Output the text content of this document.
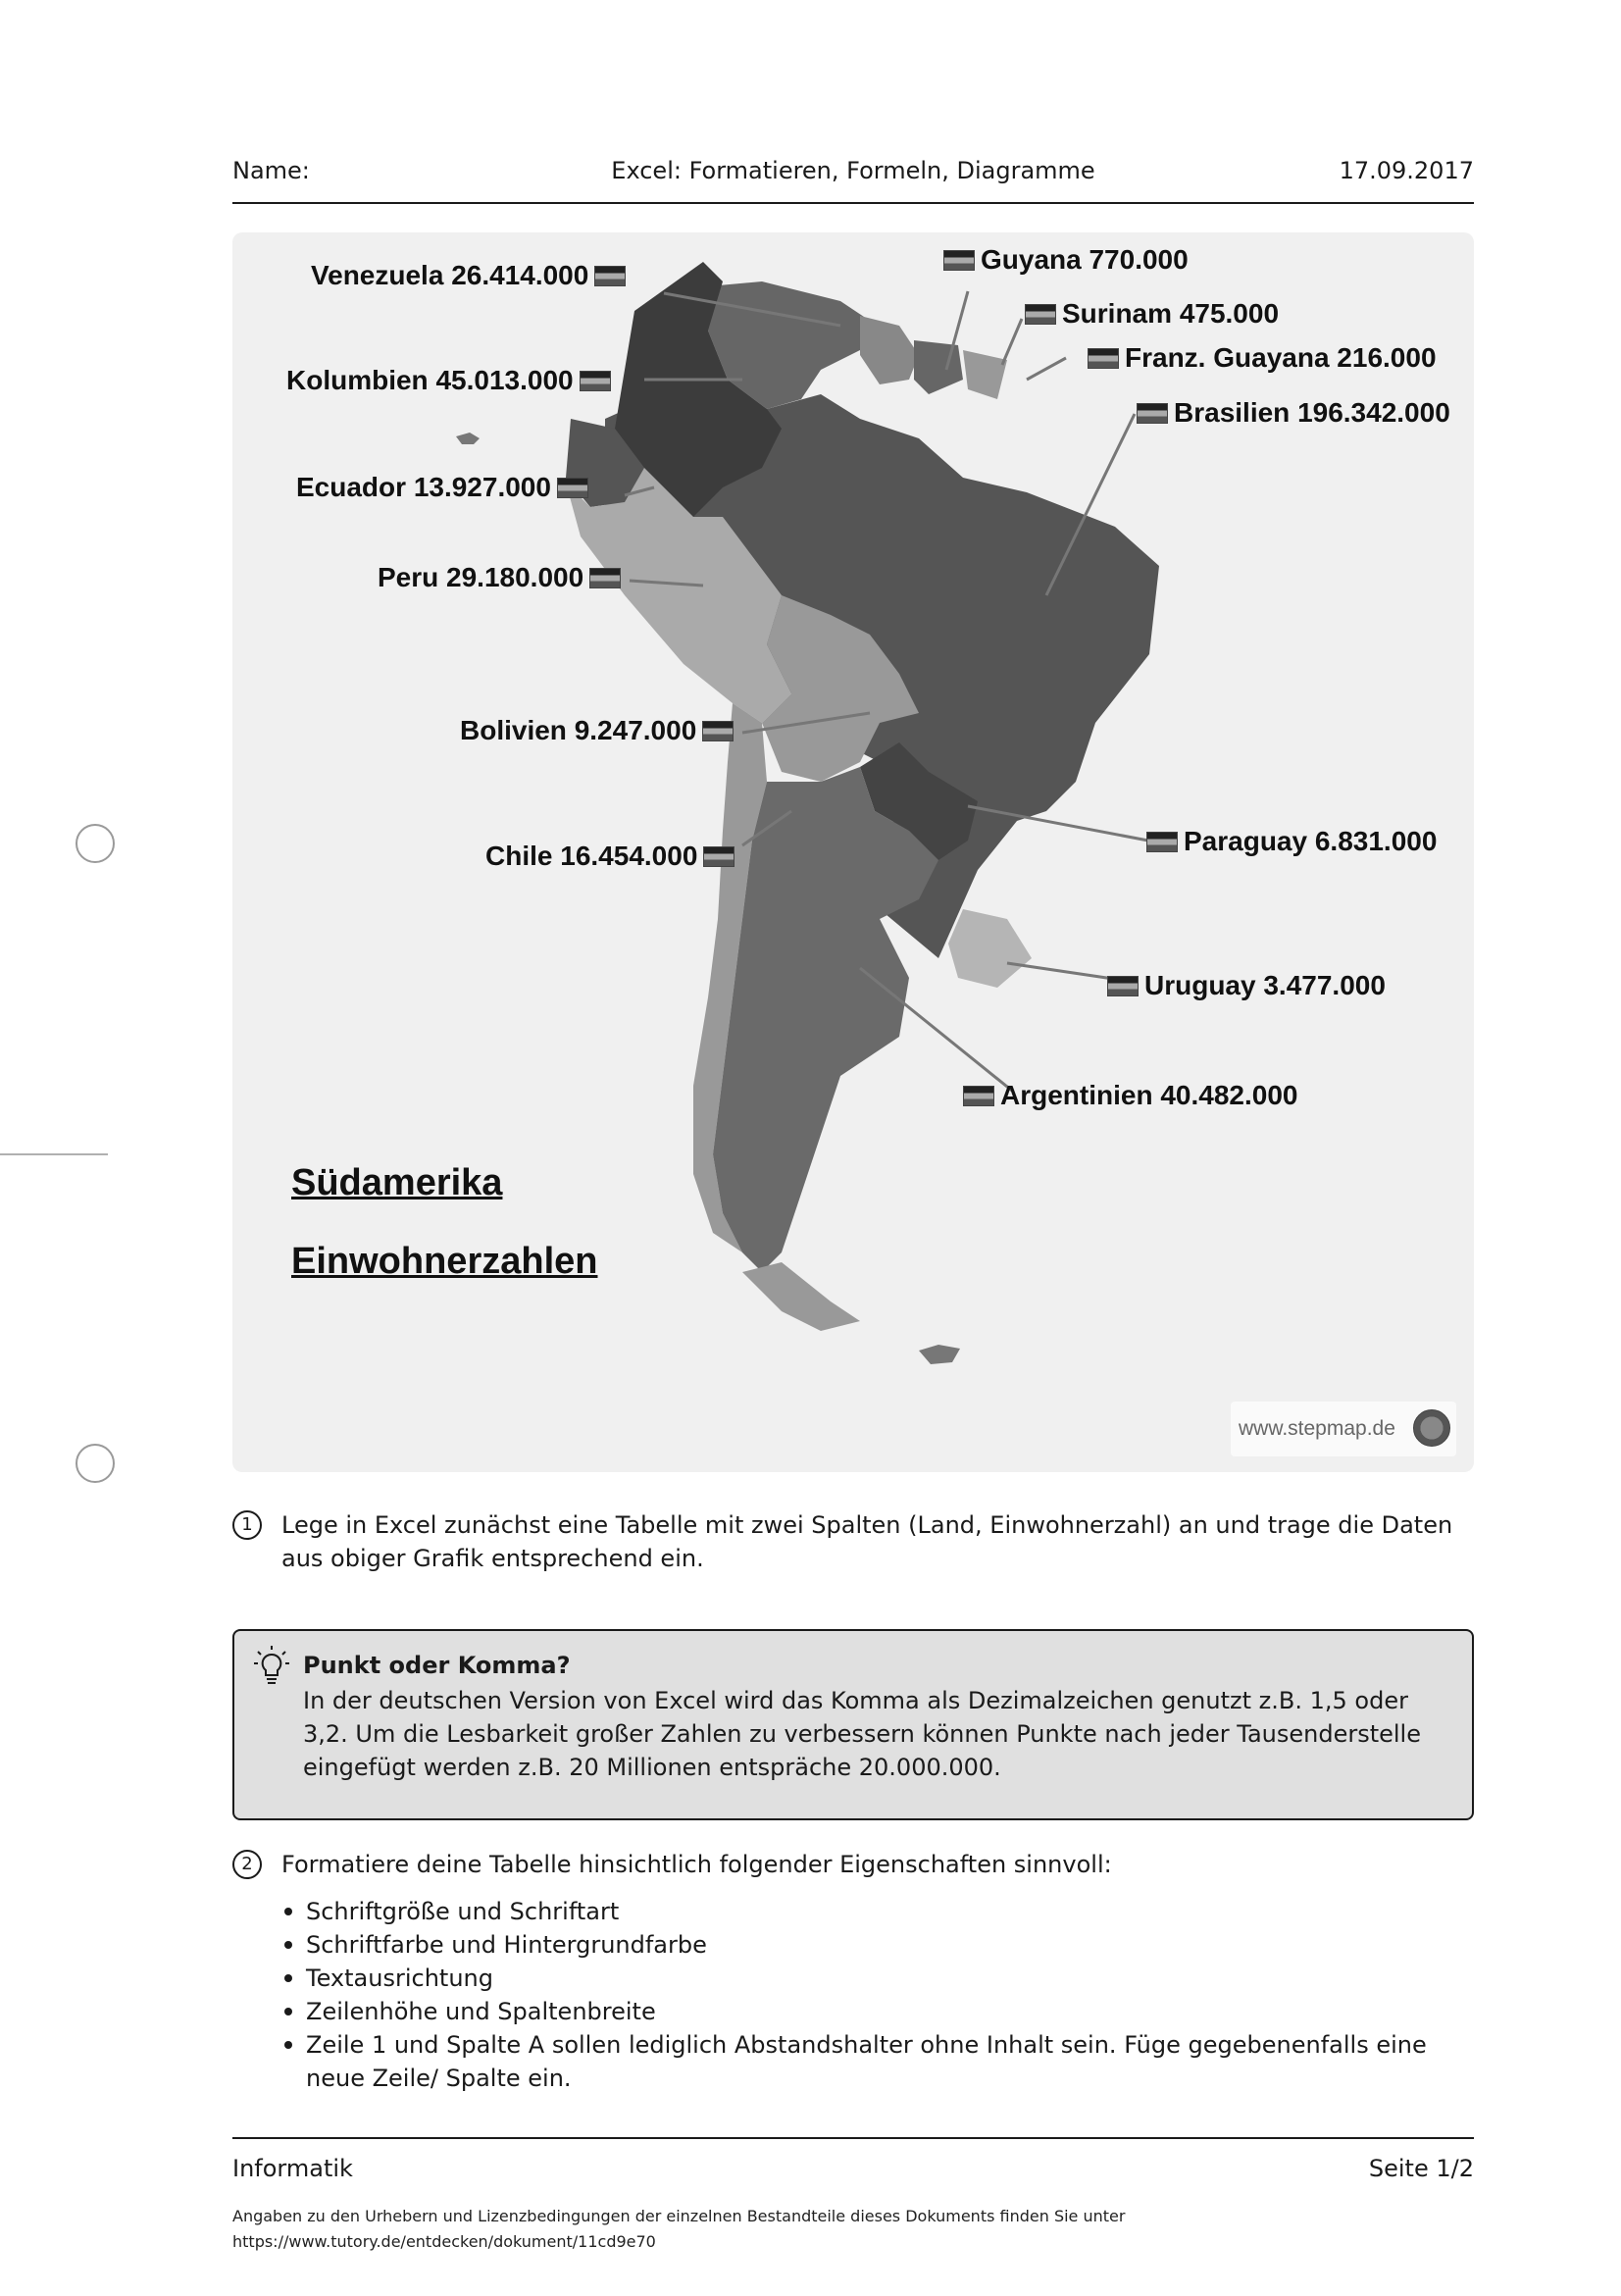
Name:	Excel: Formatieren, Formeln, Diagramme	17.09.2017
Venezuela 26.414.000
Guyana 770.000
Surinam 475.000
Franz. Guayana 216.000
Kolumbien 45.013.000
Brasilien 196.342.000
Ecuador 13.927.000
Peru 29.180.000
Bolivien 9.247.000
Paraguay 6.831.000
Chile 16.454.000
Uruguay 3.477.000
Argentinien 40.482.000
Südamerika
Einwohnerzahlen
www.stepmap.de
1	Lege in Excel zunächst eine Tabelle mit zwei Spalten (Land, Einwohnerzahl) an und trage die Daten aus obiger Grafik entsprechend ein.
Punkt oder Komma?
In der deutschen Version von Excel wird das Komma als Dezimalzeichen genutzt z.B. 1,5 oder 3,2. Um die Lesbarkeit großer Zahlen zu verbessern können Punkte nach jeder Tausenderstelle eingefügt werden z.B. 20 Millionen entspräche 20.000.000.
2	Formatiere deine Tabelle hinsichtlich folgender Eigenschaften sinnvoll:
Schriftgröße und Schriftart
Schriftfarbe und Hintergrundfarbe
Textausrichtung
Zeilenhöhe und Spaltenbreite
Zeile 1 und Spalte A sollen lediglich Abstandshalter ohne Inhalt sein. Füge gegebenenfalls eine neue Zeile/ Spalte ein.
Informatik	Seite 1/2
Angaben zu den Urhebern und Lizenzbedingungen der einzelnen Bestandteile dieses Dokuments finden Sie unter
https://www.tutory.de/entdecken/dokument/11cd9e70
